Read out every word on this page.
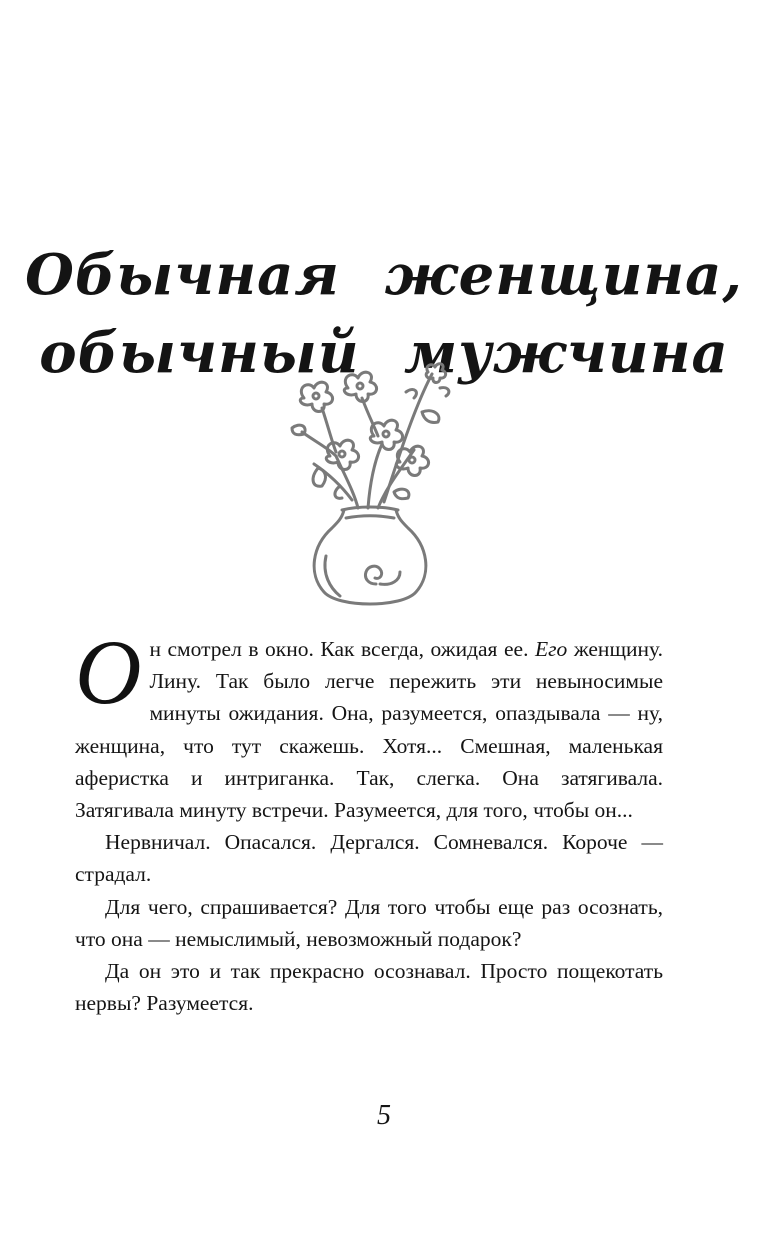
Обычная женщина,
обычный мужчина

Он смотрел в окно. Как всегда, ожидая ее. Его женщину. Лину. Так было легче пережить эти невыносимые минуты ожидания. Она, разумеется, опаздывала — ну, женщина, что тут скажешь. Хотя... Смешная, маленькая аферистка и интриганка. Так, слегка. Она затягивала. Затягивала минуту встречи. Разумеется, для того, чтобы он...

Нервничал. Опасался. Дергался. Сомневался. Короче — страдал.

Для чего, спрашивается? Для того чтобы еще раз осознать, что она — немыслимый, невозможный подарок?

Да он это и так прекрасно осознавал. Просто пощекотать нервы? Разумеется.

5
